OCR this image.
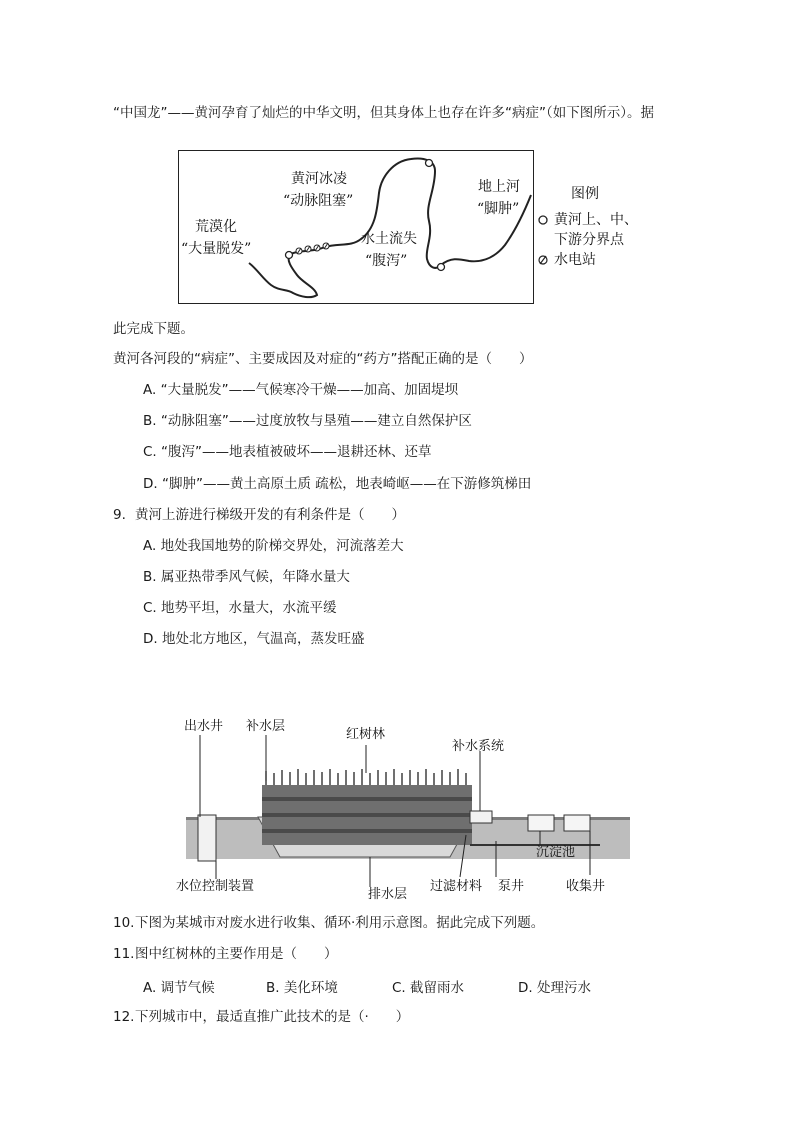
“中国龙”——黄河孕育了灿烂的中华文明，但其身体上也存在许多“病症”（如下图所示）。据
黄河冰凌
“动脉阻塞”
荒漠化
“大量脱发”
水土流失
“腹泻”
地上河
“脚肿”
图例
黄河上、中、
下游分界点
水电站
此完成下题。
黄河各河段的“病症”、主要成因及对症的“药方”搭配正确的是（　　）
A. “大量脱发”——气候寒冷干燥——加高、加固堤坝
B. “动脉阻塞”——过度放牧与垦殖——建立自然保护区
C. “腹泻”——地表植被破坏——退耕还林、还草
D. “脚肿”——黄土高原土质 疏松，地表崎岖——在下游修筑梯田
9. 黄河上游进行梯级开发的有利条件是（　　）
A. 地处我国地势的阶梯交界处，河流落差大
B. 属亚热带季风气候，年降水量大
C. 地势平坦，水量大，水流平缓
D. 地处北方地区，气温高，蒸发旺盛
出水井 补水层
红树林
补水系统
水位控制装置
排水层
过滤材料 泵井
沉淀池
收集井
10.下图为某城市对废水进行收集、循环·利用示意图。据此完成下列题。
11.图中红树林的主要作用是（　　）
A. 调节气候	B. 美化环境	C. 截留雨水	D. 处理污水
12.下列城市中，最适直推广此技术的是（·　　）
